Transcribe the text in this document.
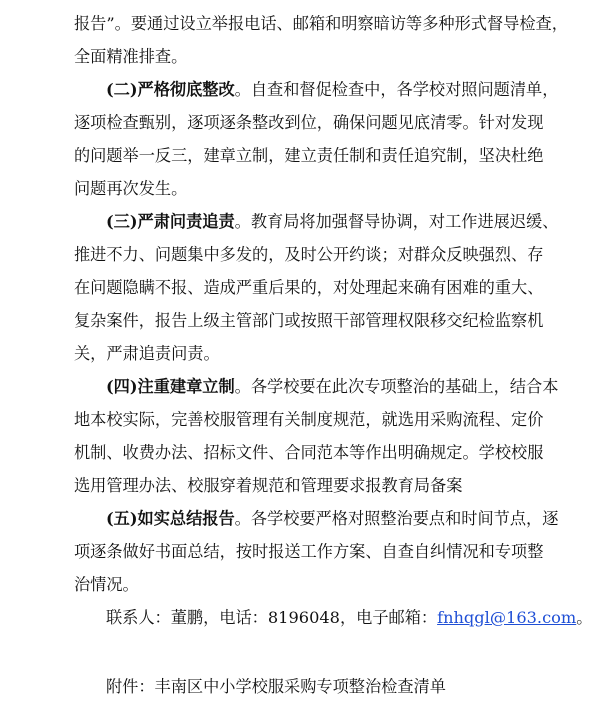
报告”。要通过设立举报电话、邮箱和明察暗访等多种形式督导检查，
全面精准排查。
(二)严格彻底整改。自查和督促检查中，各学校对照问题清单，
逐项检查甄别，逐项逐条整改到位，确保问题见底清零。针对发现
的问题举一反三，建章立制，建立责任制和责任追究制，坚决杜绝
问题再次发生。
(三)严肃问责追责。教育局将加强督导协调，对工作进展迟缓、
推进不力、问题集中多发的，及时公开约谈；对群众反映强烈、存
在问题隐瞒不报、造成严重后果的，对处理起来确有困难的重大、
复杂案件，报告上级主管部门或按照干部管理权限移交纪检监察机
关，严肃追责问责。
(四)注重建章立制。各学校要在此次专项整治的基础上，结合本
地本校实际，完善校服管理有关制度规范，就选用采购流程、定价
机制、收费办法、招标文件、合同范本等作出明确规定。学校校服
选用管理办法、校服穿着规范和管理要求报教育局备案
(五)如实总结报告。各学校要严格对照整治要点和时间节点，逐
项逐条做好书面总结，按时报送工作方案、自查自纠情况和专项整
治情况。
联系人：董鹏，电话：8196048，电子邮箱：fnhqgl@163.com。
附件：丰南区中小学校服采购专项整治检查清单
